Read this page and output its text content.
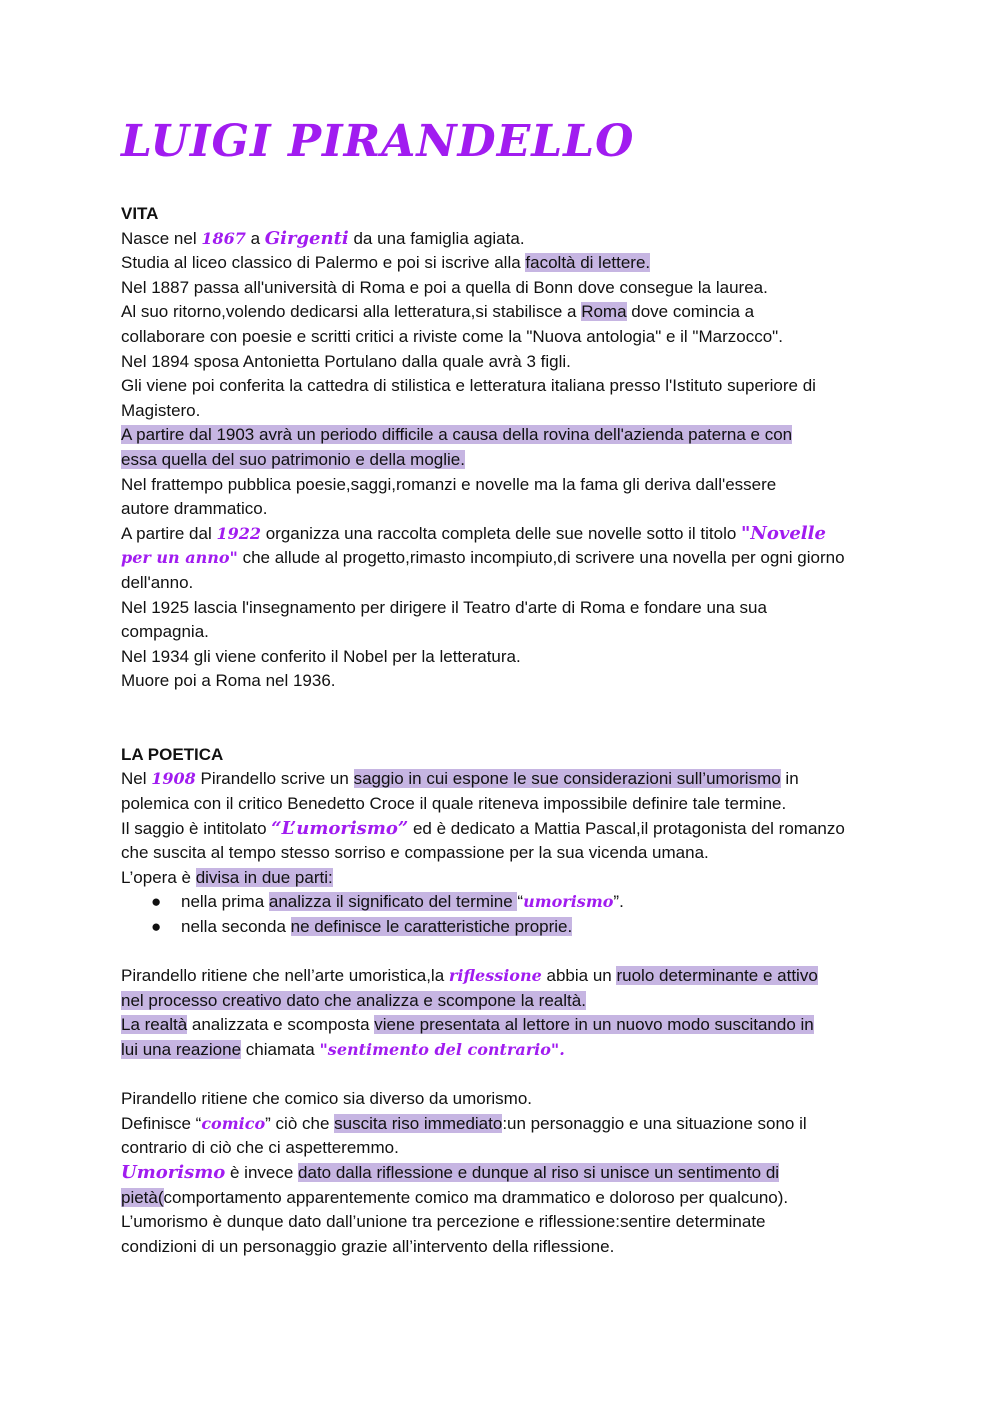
LUIGI PIRANDELLO
VITA
Nasce nel 1867 a Girgenti da una famiglia agiata.
Studia al liceo classico di Palermo e poi si iscrive alla facoltà di lettere.
Nel 1887 passa all'università di Roma e poi a quella di Bonn dove consegue la laurea.
Al suo ritorno,volendo dedicarsi alla letteratura,si stabilisce a Roma dove comincia a
collaborare con poesie e scritti critici a riviste come la "Nuova antologia" e il "Marzocco".
Nel 1894 sposa Antonietta Portulano dalla quale avrà 3 figli.
Gli viene poi conferita la cattedra di stilistica e letteratura italiana presso l'Istituto superiore di
Magistero.
A partire dal 1903 avrà un periodo difficile a causa della rovina dell'azienda paterna e con
essa quella del suo patrimonio e della moglie.
Nel frattempo pubblica poesie,saggi,romanzi e novelle ma la fama gli deriva dall'essere
autore drammatico.
A partire dal 1922 organizza una raccolta completa delle sue novelle sotto il titolo "Novelle
per un anno" che allude al progetto,rimasto incompiuto,di scrivere una novella per ogni giorno
dell'anno.
Nel 1925 lascia l'insegnamento per dirigere il Teatro d'arte di Roma e fondare una sua
compagnia.
Nel 1934 gli viene conferito il Nobel per la letteratura.
Muore poi a Roma nel 1936.
LA POETICA
Nel 1908 Pirandello scrive un saggio in cui espone le sue considerazioni sull’umorismo in
polemica con il critico Benedetto Croce il quale riteneva impossibile definire tale termine.
Il saggio è intitolato “L’umorismo” ed è dedicato a Mattia Pascal,il protagonista del romanzo
che suscita al tempo stesso sorriso e compassione per la sua vicenda umana.
L’opera è divisa in due parti:
● nella prima analizza il significato del termine “umorismo”.
● nella seconda ne definisce le caratteristiche proprie.
Pirandello ritiene che nell’arte umoristica,la riflessione abbia un ruolo determinante e attivo
nel processo creativo dato che analizza e scompone la realtà.
La realtà analizzata e scomposta viene presentata al lettore in un nuovo modo suscitando in
lui una reazione chiamata "sentimento del contrario".
Pirandello ritiene che comico sia diverso da umorismo.
Definisce “comico” ciò che suscita riso immediato:un personaggio e una situazione sono il
contrario di ciò che ci aspetteremmo.
Umorismo è invece dato dalla riflessione e dunque al riso si unisce un sentimento di
pietà(comportamento apparentemente comico ma drammatico e doloroso per qualcuno).
L’umorismo è dunque dato dall’unione tra percezione e riflessione:sentire determinate
condizioni di un personaggio grazie all’intervento della riflessione.
